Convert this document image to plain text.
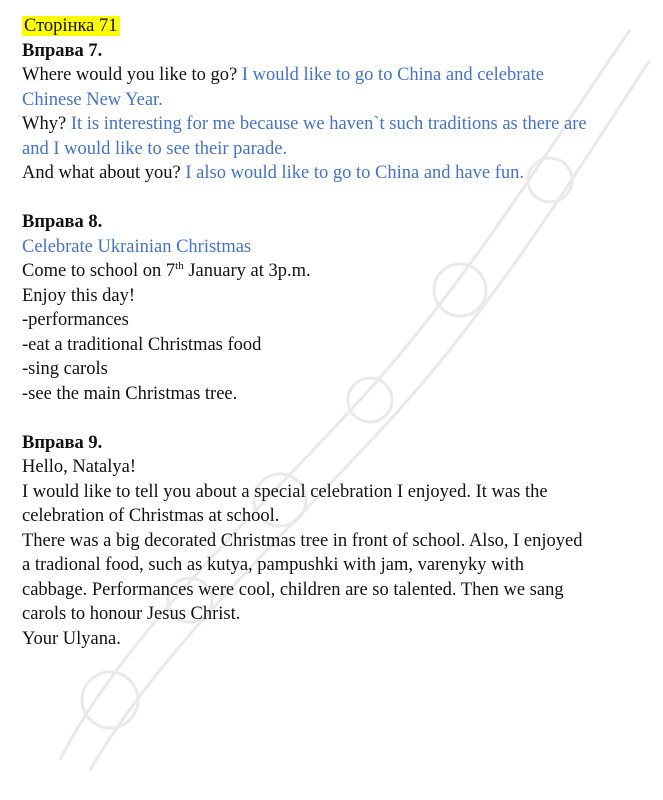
Сторінка 71
Вправа 7.
Where would you like to go? I would like to go to China and celebrate
Chinese New Year.
Why? It is interesting for me because we haven`t such traditions as there are
and I would like to see their parade.
And what about you? I also would like to go to China and have fun.
Вправа 8.
Celebrate Ukrainian Christmas
Come to school on 7th January at 3p.m.
Enjoy this day!
-performances
-eat a traditional Christmas food
-sing carols
-see the main Christmas tree.
Вправа 9.
Hello, Natalya!
I would like to tell you about a special celebration I enjoyed. It was the
celebration of Christmas at school.
There was a big decorated Christmas tree in front of school. Also, I enjoyed
a tradional food, such as kutya, pampushki with jam, varenyky with
cabbage. Performances were cool, children are so talented. Then we sang
carols to honour Jesus Christ.
Your Ulyana.
